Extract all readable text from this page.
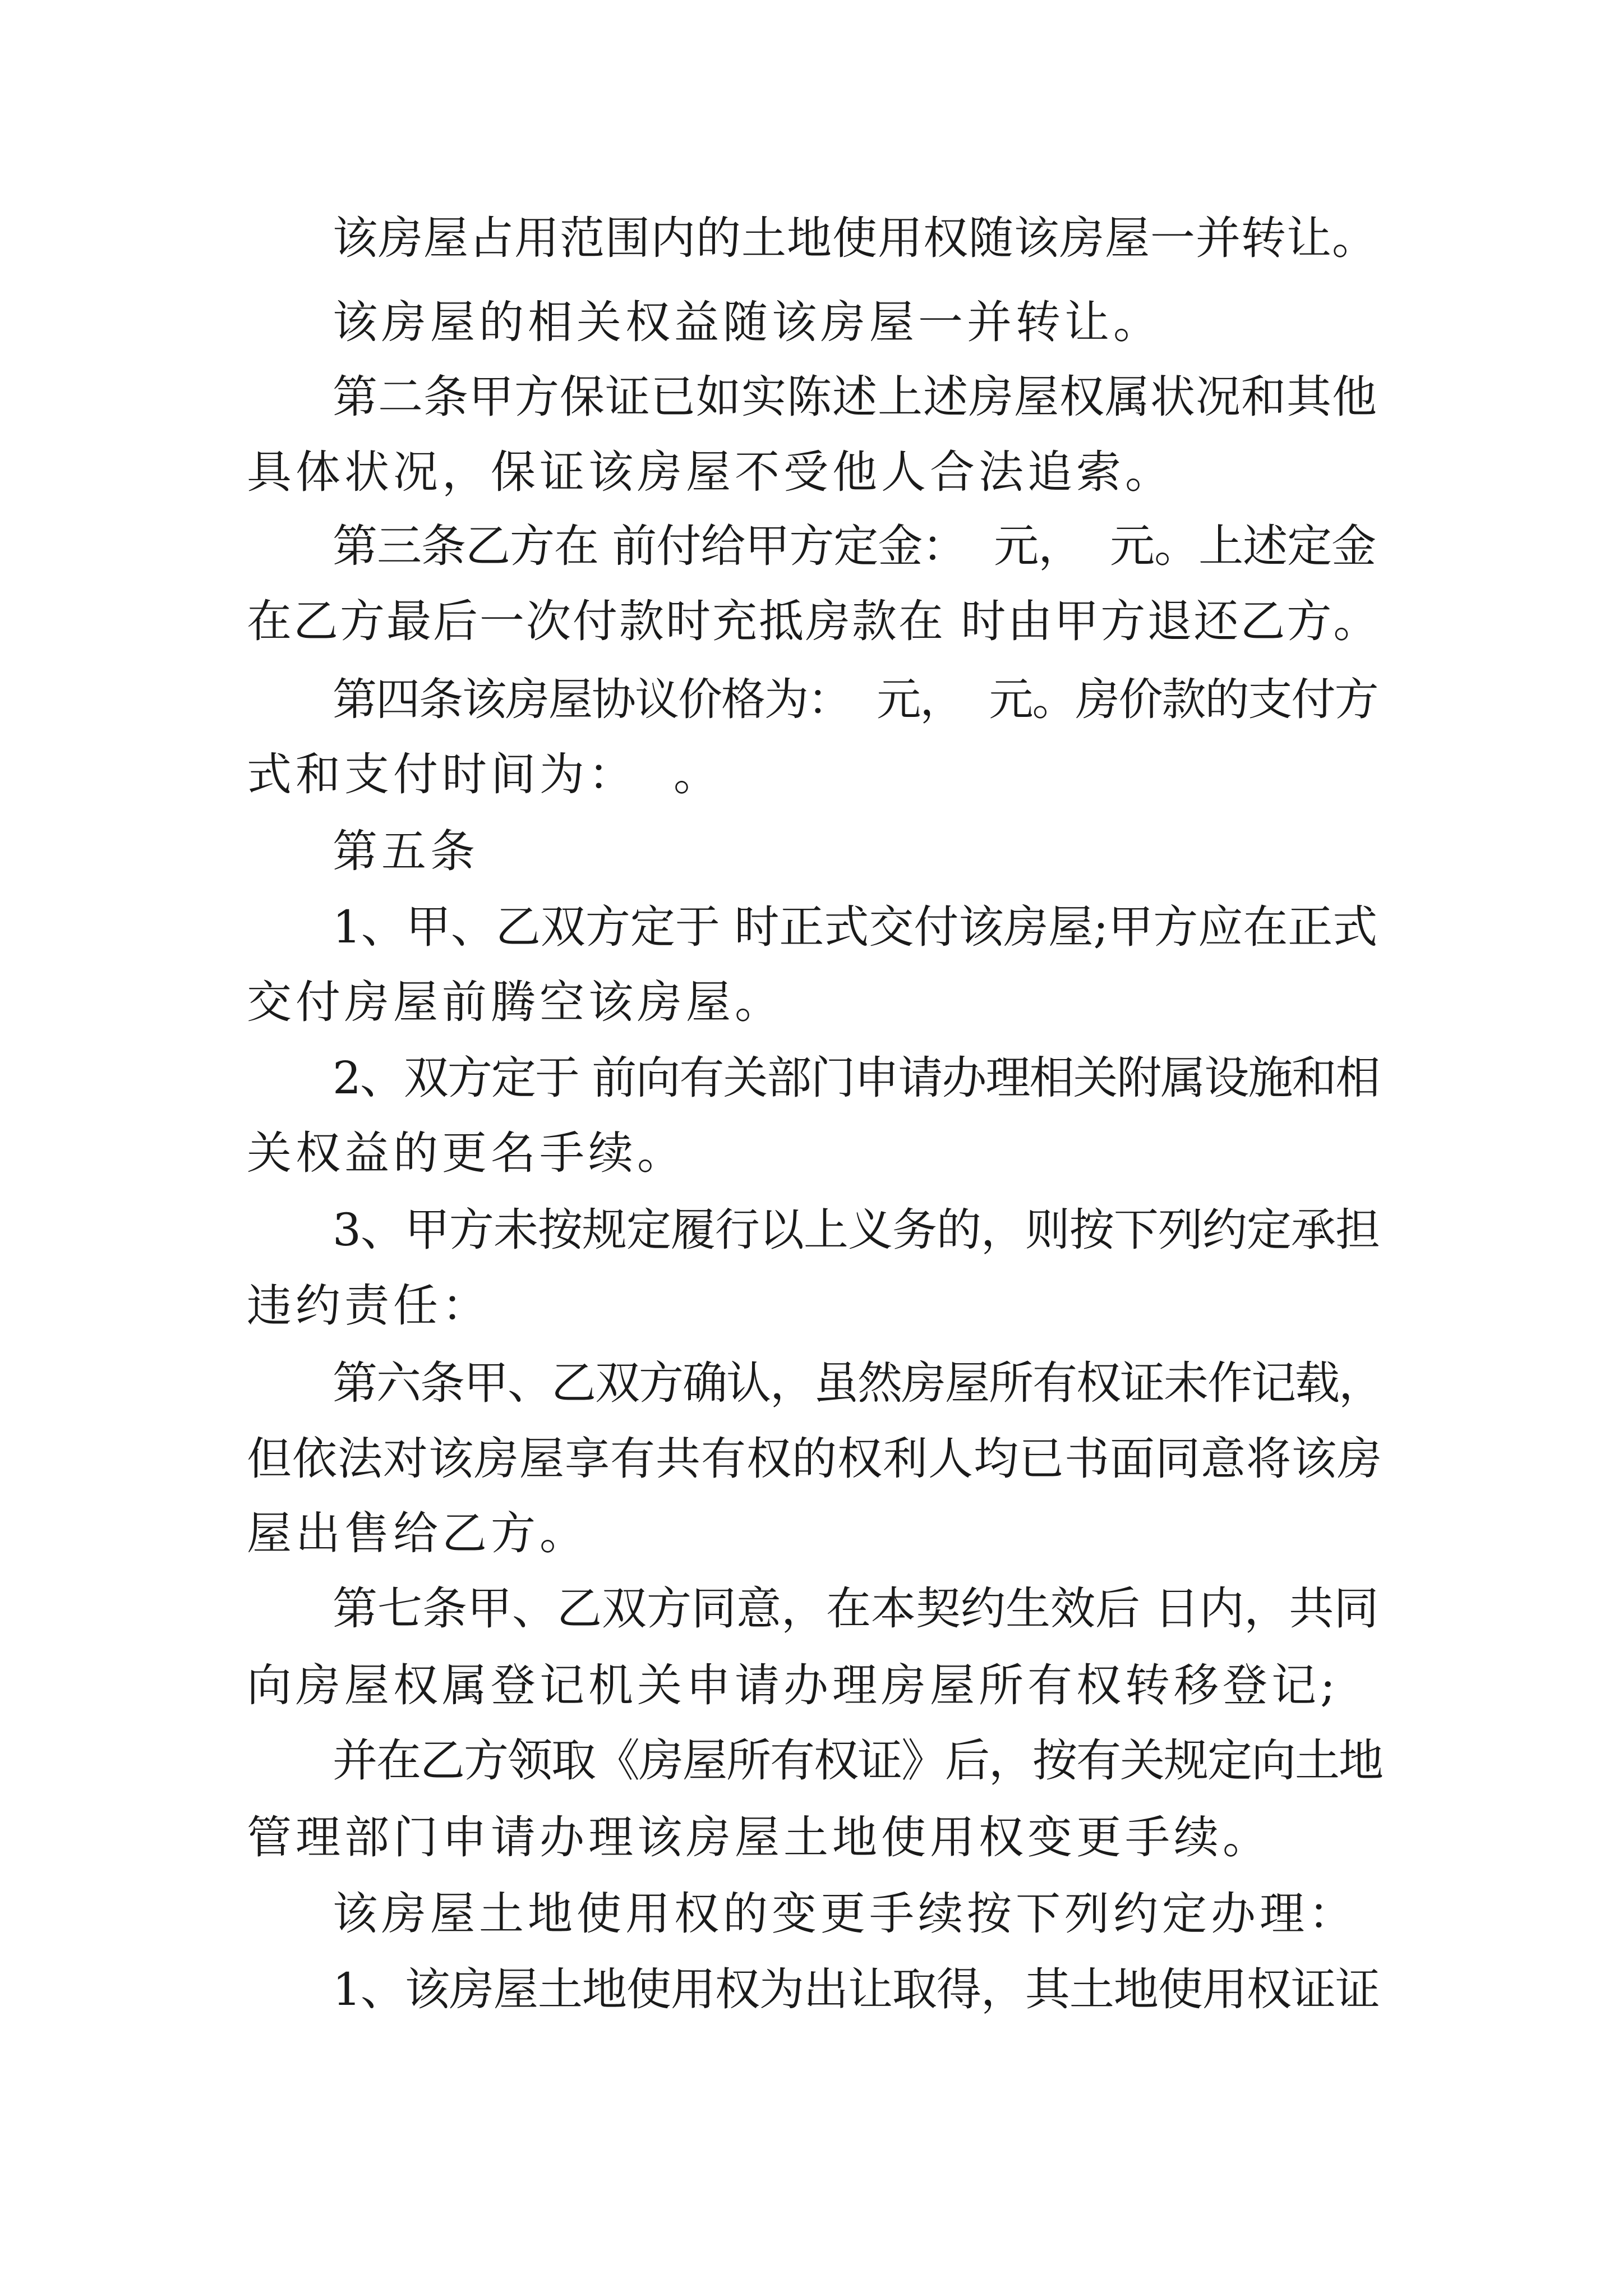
该房屋占用范围内的土地使用权随该房屋一并转让。
该房屋的相关权益随该房屋一并转让。
第二条甲方保证已如实陈述上述房屋权属状况和其他
具体状况，保证该房屋不受他人合法追索。
第三条乙方在 前付给甲方定金：  元，  元。上述定金
在乙方最后一次付款时充抵房款在 时由甲方退还乙方。
第四条该房屋协议价格为：  元，  元。房价款的支付方
式和支付时间为：  。
第五条
1、甲、乙双方定于 时正式交付该房屋;甲方应在正式
交付房屋前腾空该房屋。
2、双方定于 前向有关部门申请办理相关附属设施和相
关权益的更名手续。
3、甲方未按规定履行以上义务的，则按下列约定承担
违约责任：
第六条甲、乙双方确认，虽然房屋所有权证未作记载，
但依法对该房屋享有共有权的权利人均已书面同意将该房
屋出售给乙方。
第七条甲、乙双方同意，在本契约生效后 日内，共同
向房屋权属登记机关申请办理房屋所有权转移登记;
并在乙方领取《房屋所有权证》后，按有关规定向土地
管理部门申请办理该房屋土地使用权变更手续。
该房屋土地使用权的变更手续按下列约定办理：
1、该房屋土地使用权为出让取得，其土地使用权证证
